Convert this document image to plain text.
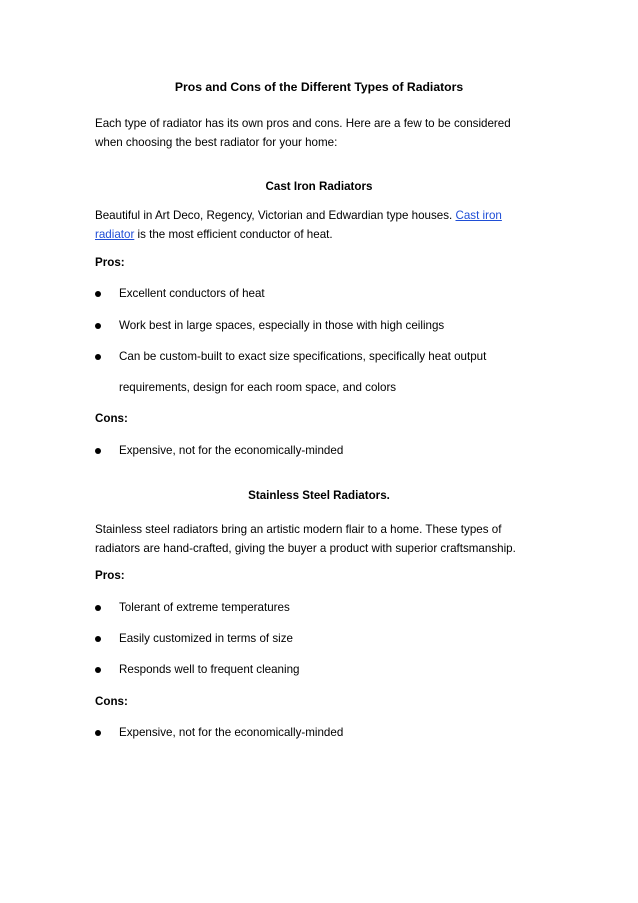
Pros and Cons of the Different Types of Radiators
Each type of radiator has its own pros and cons. Here are a few to be considered
when choosing the best radiator for your home:
Cast Iron Radiators
Beautiful in Art Deco, Regency, Victorian and Edwardian type houses. Cast iron
radiator is the most efficient conductor of heat.
Pros:
Excellent conductors of heat
Work best in large spaces, especially in those with high ceilings
Can be custom-built to exact size specifications, specifically heat output
requirements, design for each room space, and colors
Cons:
Expensive, not for the economically-minded
Stainless Steel Radiators.
Stainless steel radiators bring an artistic modern flair to a home. These types of
radiators are hand-crafted, giving the buyer a product with superior craftsmanship.
Pros:
Tolerant of extreme temperatures
Easily customized in terms of size
Responds well to frequent cleaning
Cons:
Expensive, not for the economically-minded
